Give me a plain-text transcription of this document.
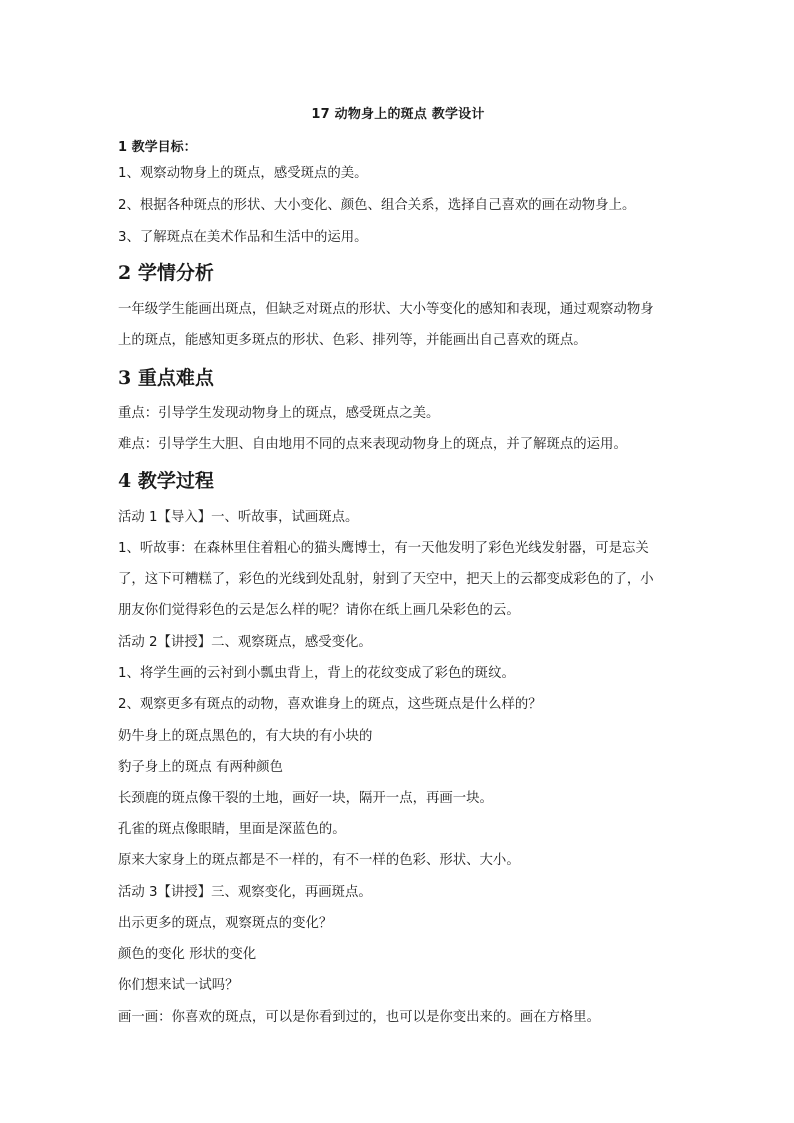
17 动物身上的斑点 教学设计
1 教学目标：
1、观察动物身上的斑点，感受斑点的美。
2、根据各种斑点的形状、大小变化、颜色、组合关系，选择自己喜欢的画在动物身上。
3、了解斑点在美术作品和生活中的运用。
2 学情分析
一年级学生能画出斑点，但缺乏对斑点的形状、大小等变化的感知和表现，通过观察动物身
上的斑点，能感知更多斑点的形状、色彩、排列等，并能画出自己喜欢的斑点。
3 重点难点
重点：引导学生发现动物身上的斑点，感受斑点之美。
难点：引导学生大胆、自由地用不同的点来表现动物身上的斑点，并了解斑点的运用。
4 教学过程
活动 1【导入】一、听故事，试画斑点。
1、听故事：在森林里住着粗心的猫头鹰博士，有一天他发明了彩色光线发射器，可是忘关
了，这下可糟糕了，彩色的光线到处乱射，射到了天空中，把天上的云都变成彩色的了，小
朋友你们觉得彩色的云是怎么样的呢？请你在纸上画几朵彩色的云。
活动 2【讲授】二、观察斑点，感受变化。
1、将学生画的云衬到小瓢虫背上，背上的花纹变成了彩色的斑纹。
2、观察更多有斑点的动物，喜欢谁身上的斑点，这些斑点是什么样的？
奶牛身上的斑点黑色的，有大块的有小块的
豹子身上的斑点 有两种颜色
长颈鹿的斑点像干裂的土地，画好一块，隔开一点，再画一块。
孔雀的斑点像眼睛，里面是深蓝色的。
原来大家身上的斑点都是不一样的，有不一样的色彩、形状、大小。
活动 3【讲授】三、观察变化，再画斑点。
出示更多的斑点，观察斑点的变化？
颜色的变化 形状的变化
你们想来试一试吗？
画一画：你喜欢的斑点，可以是你看到过的，也可以是你变出来的。画在方格里。
